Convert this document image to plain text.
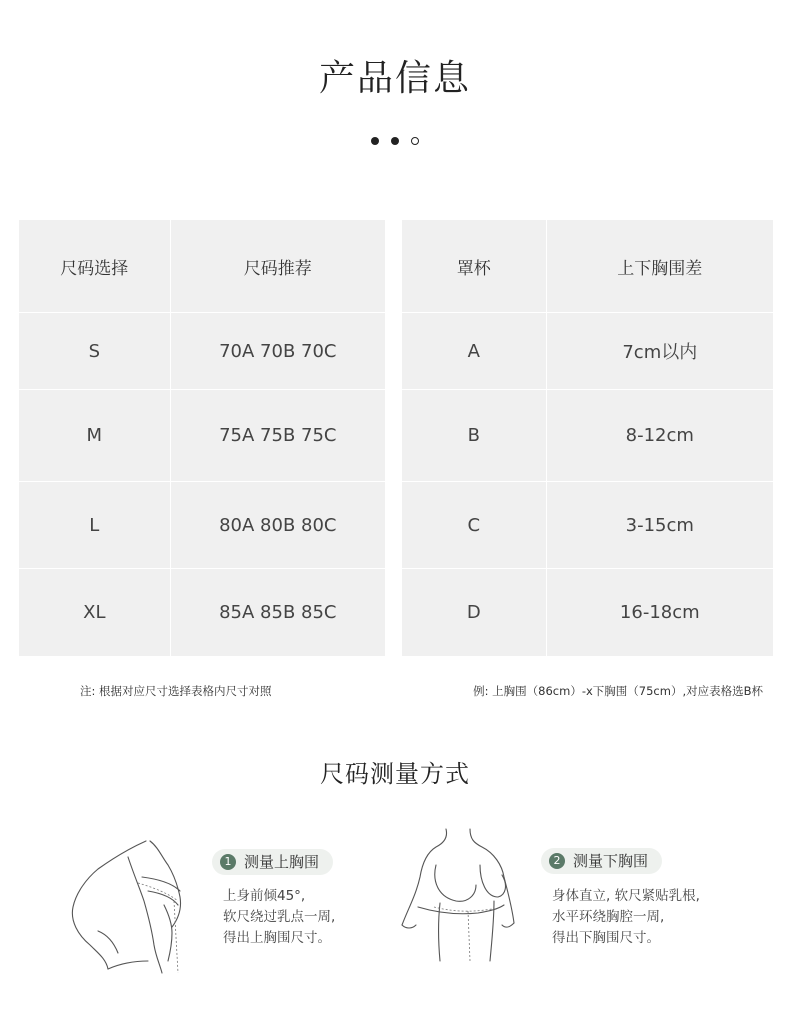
产品信息
尺码选择	尺码推荐
S	70A 70B 70C
M	75A 75B 75C
L	80A 80B 80C
XL	85A 85B 85C
罩杯	上下胸围差
A	7cm以内
B	8-12cm
C	3-15cm
D	16-18cm
注: 根据对应尺寸选择表格内尺寸对照	例: 上胸围（86cm）-x下胸围（75cm）,对应表格选B杯
尺码测量方式
1 测量上胸围
上身前倾45°,
软尺绕过乳点一周,
得出上胸围尺寸。
2 测量下胸围
身体直立, 软尺紧贴乳根,
水平环绕胸腔一周,
得出下胸围尺寸。
